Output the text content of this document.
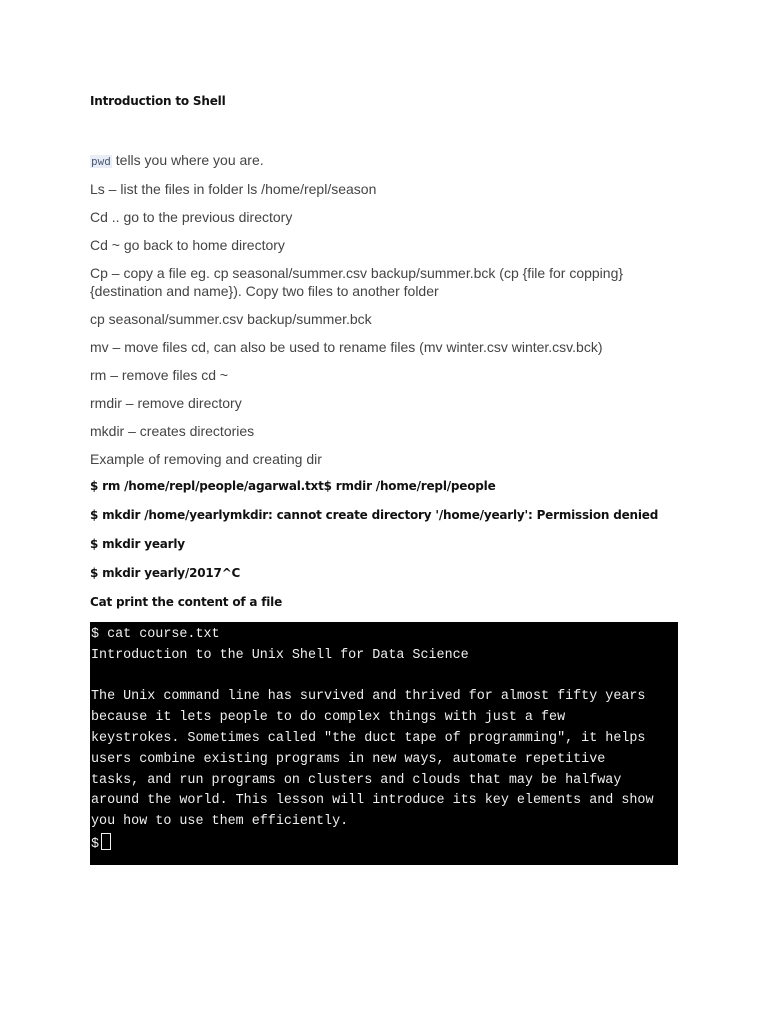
Introduction to Shell
pwd tells you where you are.
Ls – list the files in folder ls /home/repl/season
Cd .. go to the previous directory
Cd ~ go back to home directory
Cp – copy a file eg. cp seasonal/summer.csv backup/summer.bck (cp {file for copping} {destination and name}). Copy two files to another folder
cp seasonal/summer.csv backup/summer.bck
mv – move files cd, can also be used to rename files (mv winter.csv winter.csv.bck)
rm – remove files cd ~
rmdir – remove directory
mkdir – creates directories
Example of removing and creating dir
$ rm /home/repl/people/agarwal.txt$ rmdir /home/repl/people
$ mkdir /home/yearlymkdir: cannot create directory '/home/yearly': Permission denied
$ mkdir yearly
$ mkdir yearly/2017^C
Cat print the content of a file
$ cat course.txt
Introduction to the Unix Shell for Data Science
The Unix command line has survived and thrived for almost fifty years
because it lets people to do complex things with just a few
keystrokes. Sometimes called "the duct tape of programming", it helps
users combine existing programs in new ways, automate repetitive
tasks, and run programs on clusters and clouds that may be halfway
around the world. This lesson will introduce its key elements and show
you how to use them efficiently.
$
